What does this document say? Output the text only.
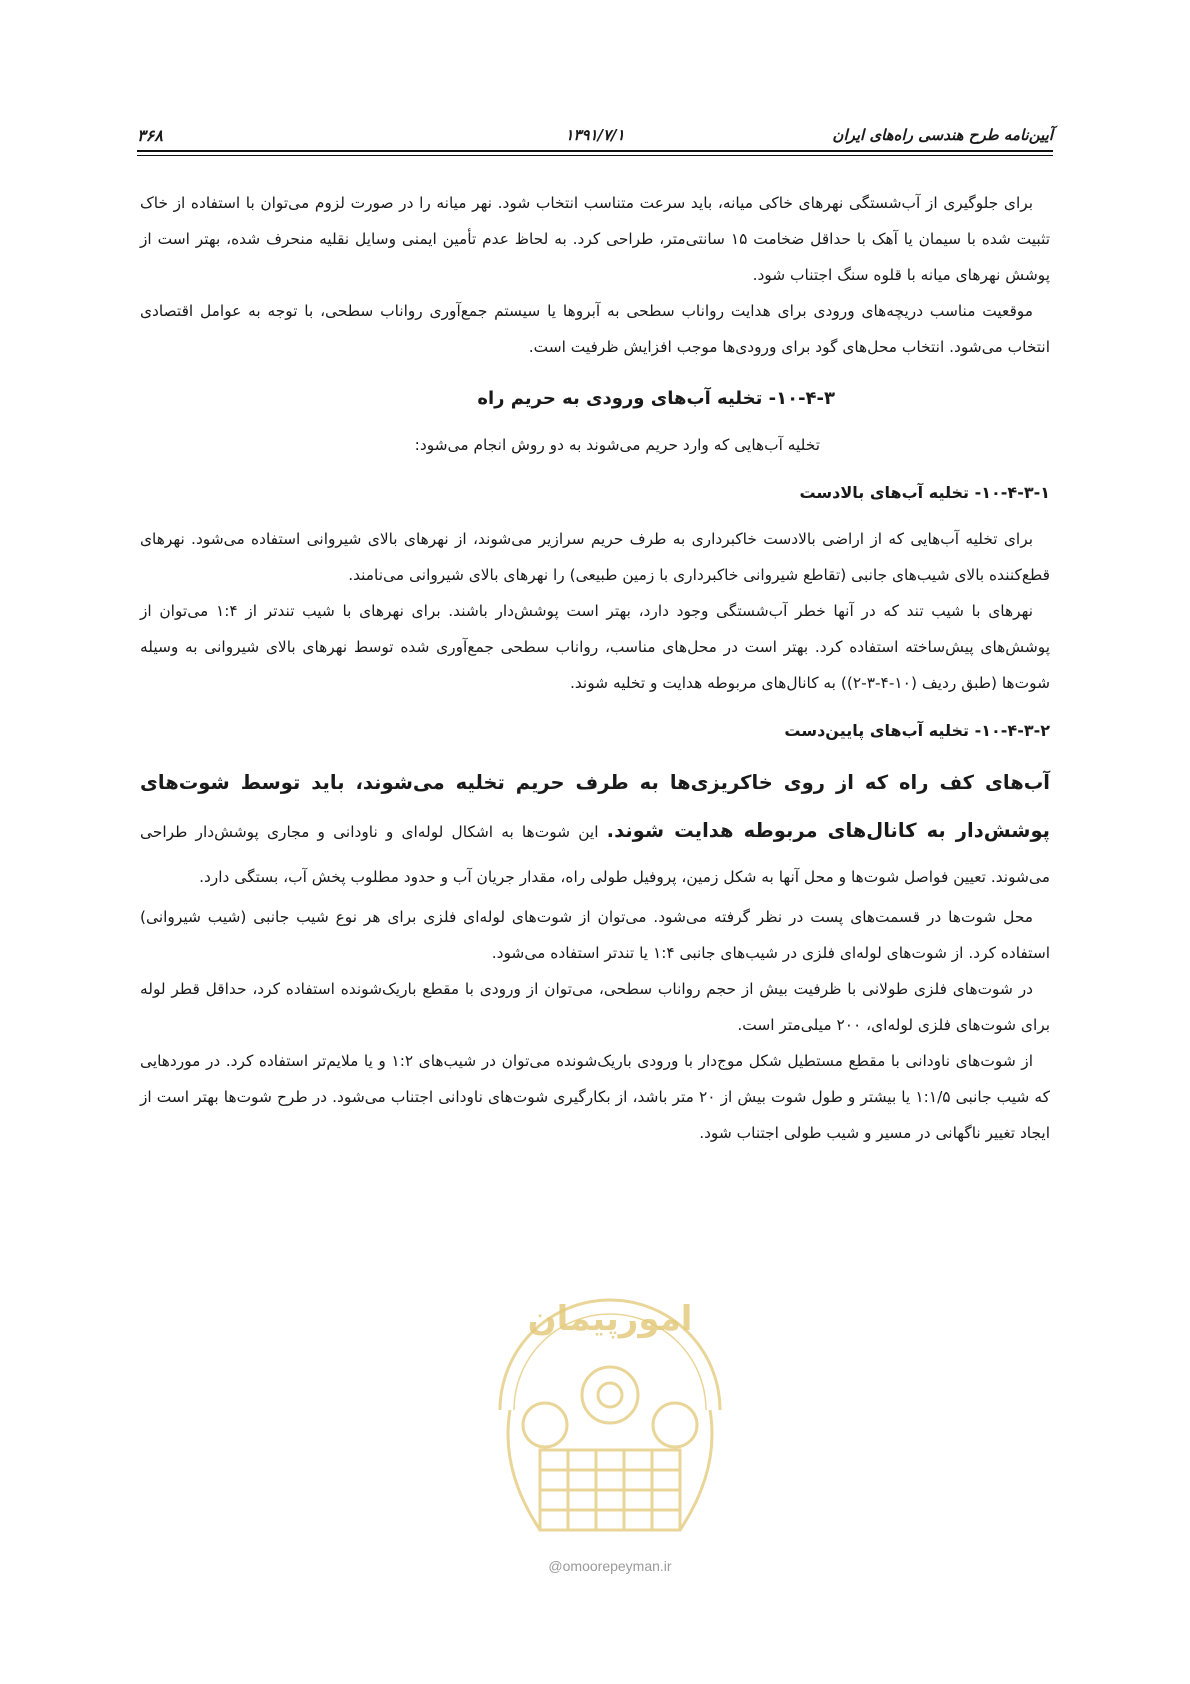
آیین‌نامه طرح هندسی راه‌های ایران
۱۳۹۱/۷/۱
۳۶۸

برای جلوگیری از آب‌شستگی نهرهای خاکی میانه، باید سرعت متناسب انتخاب شود. نهر میانه را در صورت لزوم می‌توان با استفاده از خاک تثبیت شده با سیمان یا آهک با حداقل ضخامت ۱۵ سانتی‌متر، طراحی کرد. به لحاظ عدم تأمین ایمنی وسایل نقلیه منحرف شده، بهتر است از پوشش نهرهای میانه با قلوه سنگ اجتناب شود.

موقعیت مناسب دریچه‌های ورودی برای هدایت رواناب سطحی به آبروها یا سیستم جمع‌آوری رواناب سطحی، با توجه به عوامل اقتصادی انتخاب می‌شود. انتخاب محل‌های گود برای ورودی‌ها موجب افزایش ظرفیت است.

۱۰-۴-۳- تخلیه آب‌های ورودی به حریم راه

تخلیه آب‌هایی که وارد حریم می‌شوند به دو روش انجام می‌شود:

۱۰-۴-۳-۱- تخلیه آب‌های بالادست

برای تخلیه آب‌هایی که از اراضی بالادست خاکبرداری به طرف حریم سرازیر می‌شوند، از نهرهای بالای شیروانی استفاده می‌شود. نهرهای قطع‌کننده بالای شیب‌های جانبی (تقاطع شیروانی خاکبرداری با زمین طبیعی) را نهرهای بالای شیروانی می‌نامند.

نهرهای با شیب تند که در آنها خطر آب‌شستگی وجود دارد، بهتر است پوشش‌دار باشند. برای نهرهای با شیب تندتر از ۱:۴ می‌توان از پوشش‌های پیش‌ساخته استفاده کرد. بهتر است در محل‌های مناسب، رواناب سطحی جمع‌آوری شده توسط نهرهای بالای شیروانی به وسیله شوت‌ها (طبق ردیف (۱۰-۴-۳-۲)) به کانال‌های مربوطه هدایت و تخلیه شوند.

۱۰-۴-۳-۲- تخلیه آب‌های پایین‌دست

آب‌های کف راه که از روی خاکریزی‌ها به طرف حریم تخلیه می‌شوند، باید توسط شوت‌های پوشش‌دار به کانال‌های مربوطه هدایت شوند. این شوت‌ها به اشکال لوله‌ای و ناودانی و مجاری پوشش‌دار طراحی می‌شوند. تعیین فواصل شوت‌ها و محل آنها به شکل زمین، پروفیل طولی راه، مقدار جریان آب و حدود مطلوب پخش آب، بستگی دارد.

محل شوت‌ها در قسمت‌های پست در نظر گرفته می‌شود. می‌توان از شوت‌های لوله‌ای فلزی برای هر نوع شیب جانبی (شیب شیروانی) استفاده کرد. از شوت‌های لوله‌ای فلزی در شیب‌های جانبی ۱:۴ یا تندتر استفاده می‌شود.

در شوت‌های فلزی طولانی با ظرفیت بیش از حجم رواناب سطحی، می‌توان از ورودی با مقطع باریک‌شونده استفاده کرد، حداقل قطر لوله برای شوت‌های فلزی لوله‌ای، ۲۰۰ میلی‌متر است.

از شوت‌های ناودانی با مقطع مستطیل شکل موج‌دار با ورودی باریک‌شونده می‌توان در شیب‌های ۱:۲ و یا ملایم‌تر استفاده کرد. در موردهایی که شیب جانبی ۱:۱/۵ یا بیشتر و طول شوت بیش از ۲۰ متر باشد، از بکارگیری شوت‌های ناودانی اجتناب می‌شود. در طرح شوت‌ها بهتر است از ایجاد تغییر ناگهانی در مسیر و شیب طولی اجتناب شود.

امورپیمان
@omoorepeyman.ir
